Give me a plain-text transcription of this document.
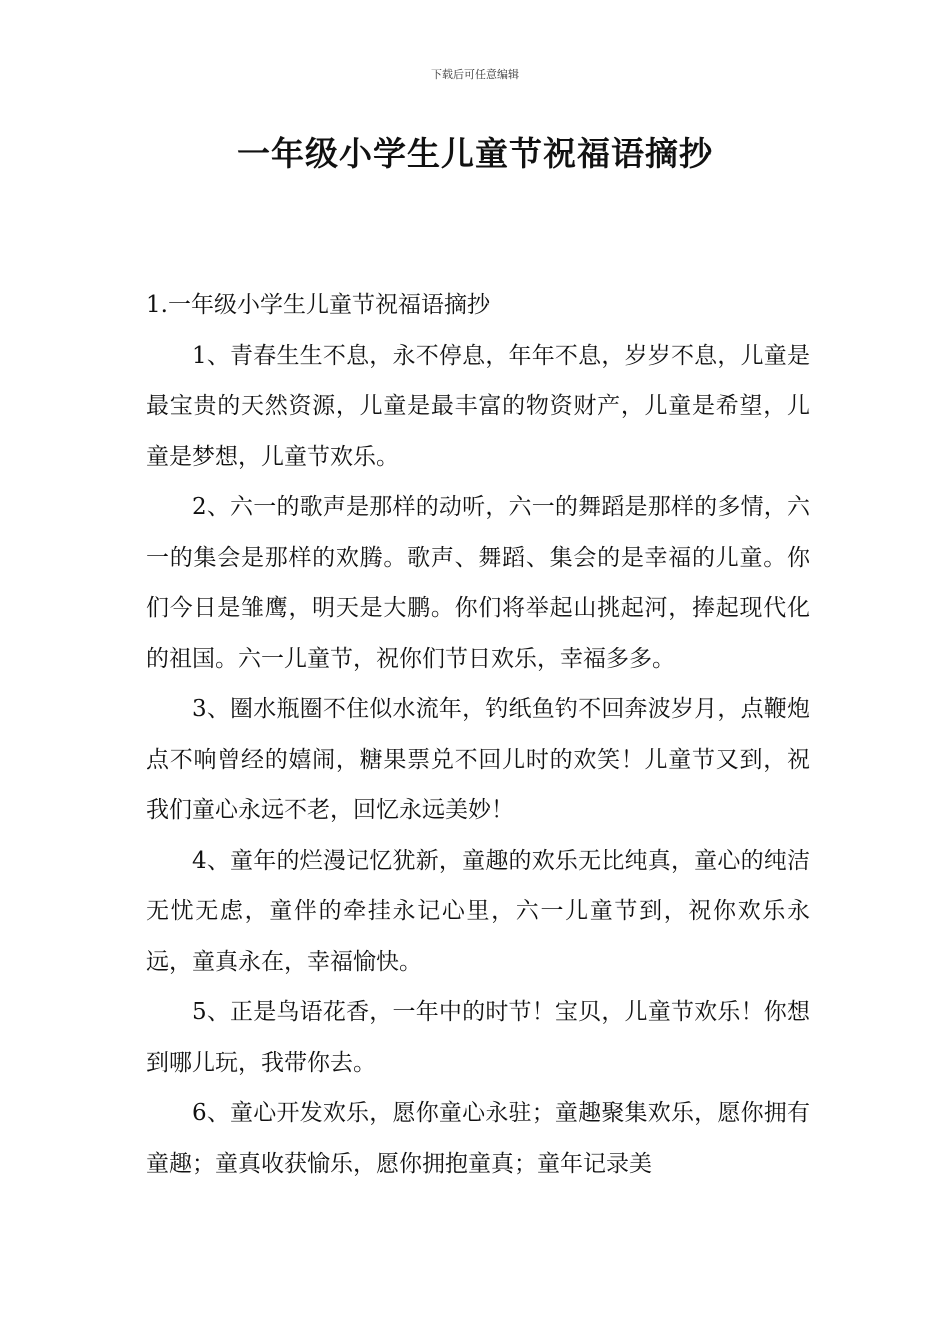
下载后可任意编辑
一年级小学生儿童节祝福语摘抄

1.一年级小学生儿童节祝福语摘抄

1、青春生生不息，永不停息，年年不息，岁岁不息，儿童是最宝贵的天然资源，儿童是最丰富的物资财产，儿童是希望，儿童是梦想，儿童节欢乐。

2、六一的歌声是那样的动听，六一的舞蹈是那样的多情，六一的集会是那样的欢腾。歌声、舞蹈、集会的是幸福的儿童。你们今日是雏鹰，明天是大鹏。你们将举起山挑起河，捧起现代化的祖国。六一儿童节，祝你们节日欢乐，幸福多多。

3、圈水瓶圈不住似水流年，钓纸鱼钓不回奔波岁月，点鞭炮点不响曾经的嬉闹，糖果票兑不回儿时的欢笑！儿童节又到，祝我们童心永远不老，回忆永远美妙！

4、童年的烂漫记忆犹新，童趣的欢乐无比纯真，童心的纯洁无忧无虑，童伴的牵挂永记心里，六一儿童节到，祝你欢乐永远，童真永在，幸福愉快。

5、正是鸟语花香，一年中的时节！宝贝，儿童节欢乐！你想到哪儿玩，我带你去。

6、童心开发欢乐，愿你童心永驻；童趣聚集欢乐，愿你拥有童趣；童真收获愉乐，愿你拥抱童真；童年记录美
